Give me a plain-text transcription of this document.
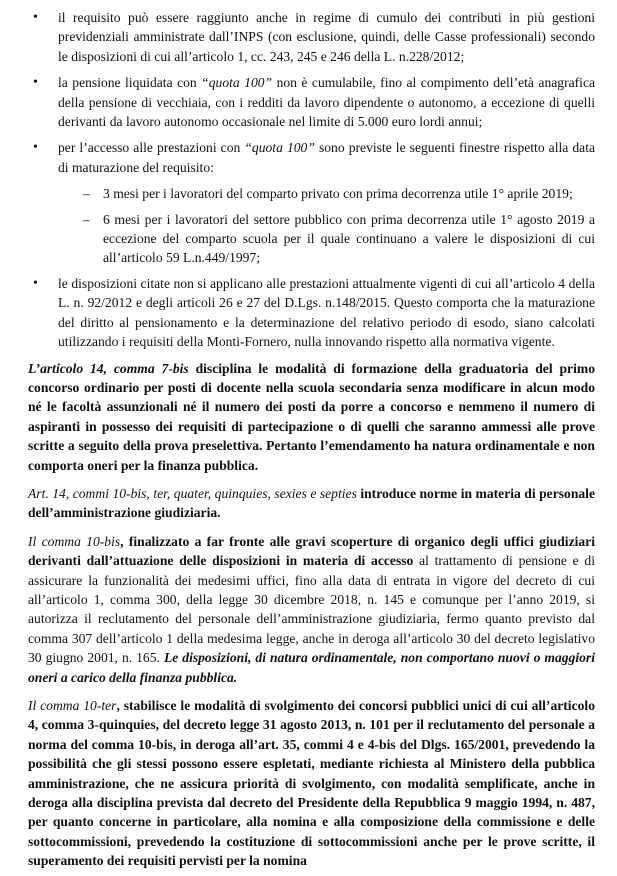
• il requisito può essere raggiunto anche in regime di cumulo dei contributi in più gestioni previdenziali amministrate dall’INPS (con esclusione, quindi, delle Casse professionali) secondo le disposizioni di cui all’articolo 1, cc. 243, 245 e 246 della L. n.228/2012;
• la pensione liquidata con “quota 100” non è cumulabile, fino al compimento dell’età anagrafica della pensione di vecchiaia, con i redditi da lavoro dipendente o autonomo, a eccezione di quelli derivanti da lavoro autonomo occasionale nel limite di 5.000 euro lordi annui;
• per l’accesso alle prestazioni con “quota 100” sono previste le seguenti finestre rispetto alla data di maturazione del requisito:
– 3 mesi per i lavoratori del comparto privato con prima decorrenza utile 1° aprile 2019;
– 6 mesi per i lavoratori del settore pubblico con prima decorrenza utile 1° agosto 2019 a eccezione del comparto scuola per il quale continuano a valere le disposizioni di cui all’articolo 59 L.n.449/1997;
• le disposizioni citate non si applicano alle prestazioni attualmente vigenti di cui all’articolo 4 della L. n. 92/2012 e degli articoli 26 e 27 del D.Lgs. n.148/2015. Questo comporta che la maturazione del diritto al pensionamento e la determinazione del relativo periodo di esodo, siano calcolati utilizzando i requisiti della Monti-Fornero, nulla innovando rispetto alla normativa vigente.

L’articolo 14, comma 7-bis disciplina le modalità di formazione della graduatoria del primo concorso ordinario per posti di docente nella scuola secondaria senza modificare in alcun modo né le facoltà assunzionali né il numero dei posti da porre a concorso e nemmeno il numero di aspiranti in possesso dei requisiti di partecipazione o di quelli che saranno ammessi alle prove scritte a seguito della prova preselettiva. Pertanto l’emendamento ha natura ordinamentale e non comporta oneri per la finanza pubblica.

Art. 14, commi 10-bis, ter, quater, quinquies, sexies e septies introduce norme in materia di personale dell’amministrazione giudiziaria.

Il comma 10-bis, finalizzato a far fronte alle gravi scoperture di organico degli uffici giudiziari derivanti dall’attuazione delle disposizioni in materia di accesso al trattamento di pensione e di assicurare la funzionalità dei medesimi uffici, fino alla data di entrata in vigore del decreto di cui all’articolo 1, comma 300, della legge 30 dicembre 2018, n. 145 e comunque per l’anno 2019, si autorizza il reclutamento del personale dell’amministrazione giudiziaria, fermo quanto previsto dal comma 307 dell’articolo 1 della medesima legge, anche in deroga all’articolo 30 del decreto legislativo 30 giugno 2001, n. 165. Le disposizioni, di natura ordinamentale, non comportano nuovi o maggiori oneri a carico della finanza pubblica.

Il comma 10-ter, stabilisce le modalità di svolgimento dei concorsi pubblici unici di cui all’articolo 4, comma 3-quinquies, del decreto legge 31 agosto 2013, n. 101 per il reclutamento del personale a norma del comma 10-bis, in deroga all’art. 35, commi 4 e 4-bis del Dlgs. 165/2001, prevedendo la possibilità che gli stessi possono essere espletati, mediante richiesta al Ministero della pubblica amministrazione, che ne assicura priorità di svolgimento, con modalità semplificate, anche in deroga alla disciplina prevista dal decreto del Presidente della Repubblica 9 maggio 1994, n. 487, per quanto concerne in particolare, alla nomina e alla composizione della commissione e delle sottocommissioni, prevedendo la costituzione di sottocommissioni anche per le prove scritte, il superamento dei requisiti pervisti per la nomina
